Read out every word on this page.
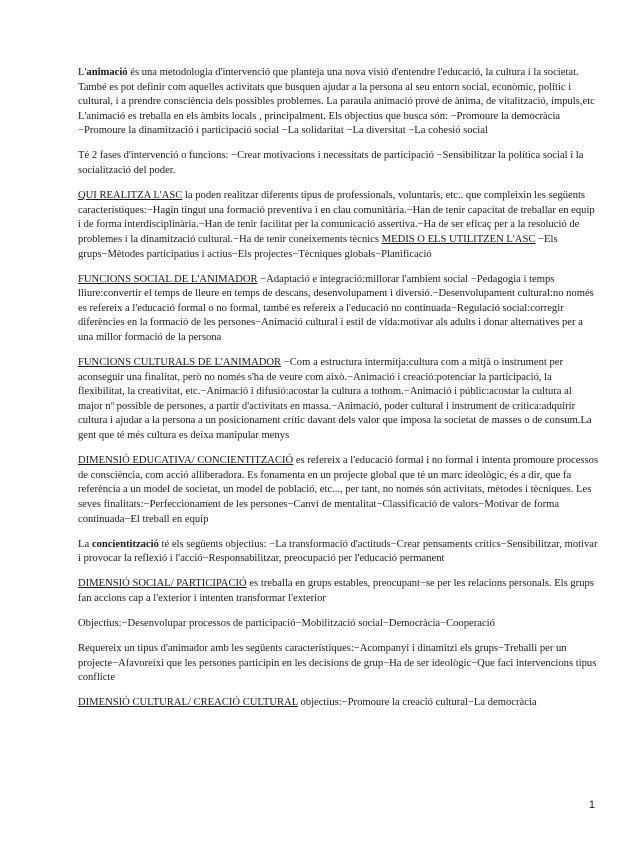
L'animació és una metodologia d'intervenció que planteja una nova visió d'entendre l'educació, la cultura i la societat. També es pot definir com aquelles activitats que busquen ajudar a la persona al seu entorn social, econòmic, polític i cultural, i a prendre consciència dels possibles problemes. La paraula animació prové de ànima, de vitalització, impuls,etc L'animació es treballa en els àmbits locals , principalment. Els objectius que busca són: −Promoure la democràcia −Promoure la dinamització i participació social −La solidaritat −La diversitat −La cohesió social

Té 2 fases d'intervenció o funcions: −Crear motivacions i necessitats de participació −Sensibilitzar la política social i la socialització del poder.

QUI REALITZA L'ASC la poden realitzar diferents tipus de professionals, voluntaris, etc.. que compleixin les següents característiques:−Hagin tingut una formació preventiva i en clau comunitària.−Han de tenir capacitat de treballar en equip i de forma interdisciplinària.−Han de tenir facilitat per la comunicació assertiva.−Ha de ser eficaç per a la resolució de problemes i la dinamització cultural.−Ha de tenir coneixements tècnics MEDIS O ELS UTILITZEN L'ASC −Els grups−Mètodes participatius i actius−Els projectes−Tècniques globals−Planificació

FUNCIONS SOCIAL DE L'ANIMADOR −Adaptació e integració:millorar l'ambient social −Pedagogia i temps lliure:convertir el temps de lleure en temps de descans, desenvolupament i diversió.−Desenvolupament cultural:no només es refereix a l'educació formal o no formal, també es refereix a l'educació no continuada−Regulació social:corregir diferències en la formació de les persones−Animació cultural i estil de vida:motivar als adults i donar alternatives per a una millor formació de la persona

FUNCIONS CULTURALS DE L'ANIMADOR −Com a estructura intermitja:cultura com a mitjà o instrument per aconseguir una finalitat, però no només s'ha de veure com això.−Animació i creació:potenciar la participació, la flexibilitat, la creativitat, etc.−Animació i difusió:acostar la cultura a tothom.−Animació i públic:acostar la cultura al major nº possible de persones, a partir d'activitats en massa.−Animació, poder cultural i instrument de crítica:adquirir cultura i ajudar a la persona a un posicionament crític davant dels valor que imposa la societat de masses o de consum.La gent que té més cultura es deixa manipular menys

DIMENSIÓ EDUCATIVA/ CONCIENTITZACIÓ es refereix a l'educació formal i no formal i intenta promoure processos de consciència, com acció alliberadora. Es fonamenta en un projecte global que té un marc ideològic, és a dir, que fa referència a un model de societat, un model de població, etc..., per tant, no només són activitats, mètodes i tècniques. Les seves finalitats:−Perfeccionament de les persones−Canvi de mentalitat−Classificació de valors−Motivar de forma continuada−El treball en equip

La concientització té els següents objectius: −La transformació d'actituds−Crear pensaments crítics−Sensibilitzar, motivar i provocar la reflexió i l'acció−Responsabilitzar, preocupació per l'educació permanent

DIMENSIÓ SOCIAL/ PARTICIPACIÓ es treballa en grups estables, preocupant−se per les relacions personals. Els grups fan accions cap a l'exterior i intenten transformar l'exterior

Objectius:−Desenvolupar processos de participació−Mobilització social−Democràcia−Cooperació

Requereix un tipus d'animador amb les següents característiques:−Acompanyi i dinamitzi els grups−Treballi per un projecte−Afavoreixi que les persones participin en les decisions de grup−Ha de ser ideològic−Que faci intervencions tipus conflicte

DIMENSIÓ CULTURAL/ CREACIÓ CULTURAL objectius:−Promoure la creació cultural−La democràcia

1
